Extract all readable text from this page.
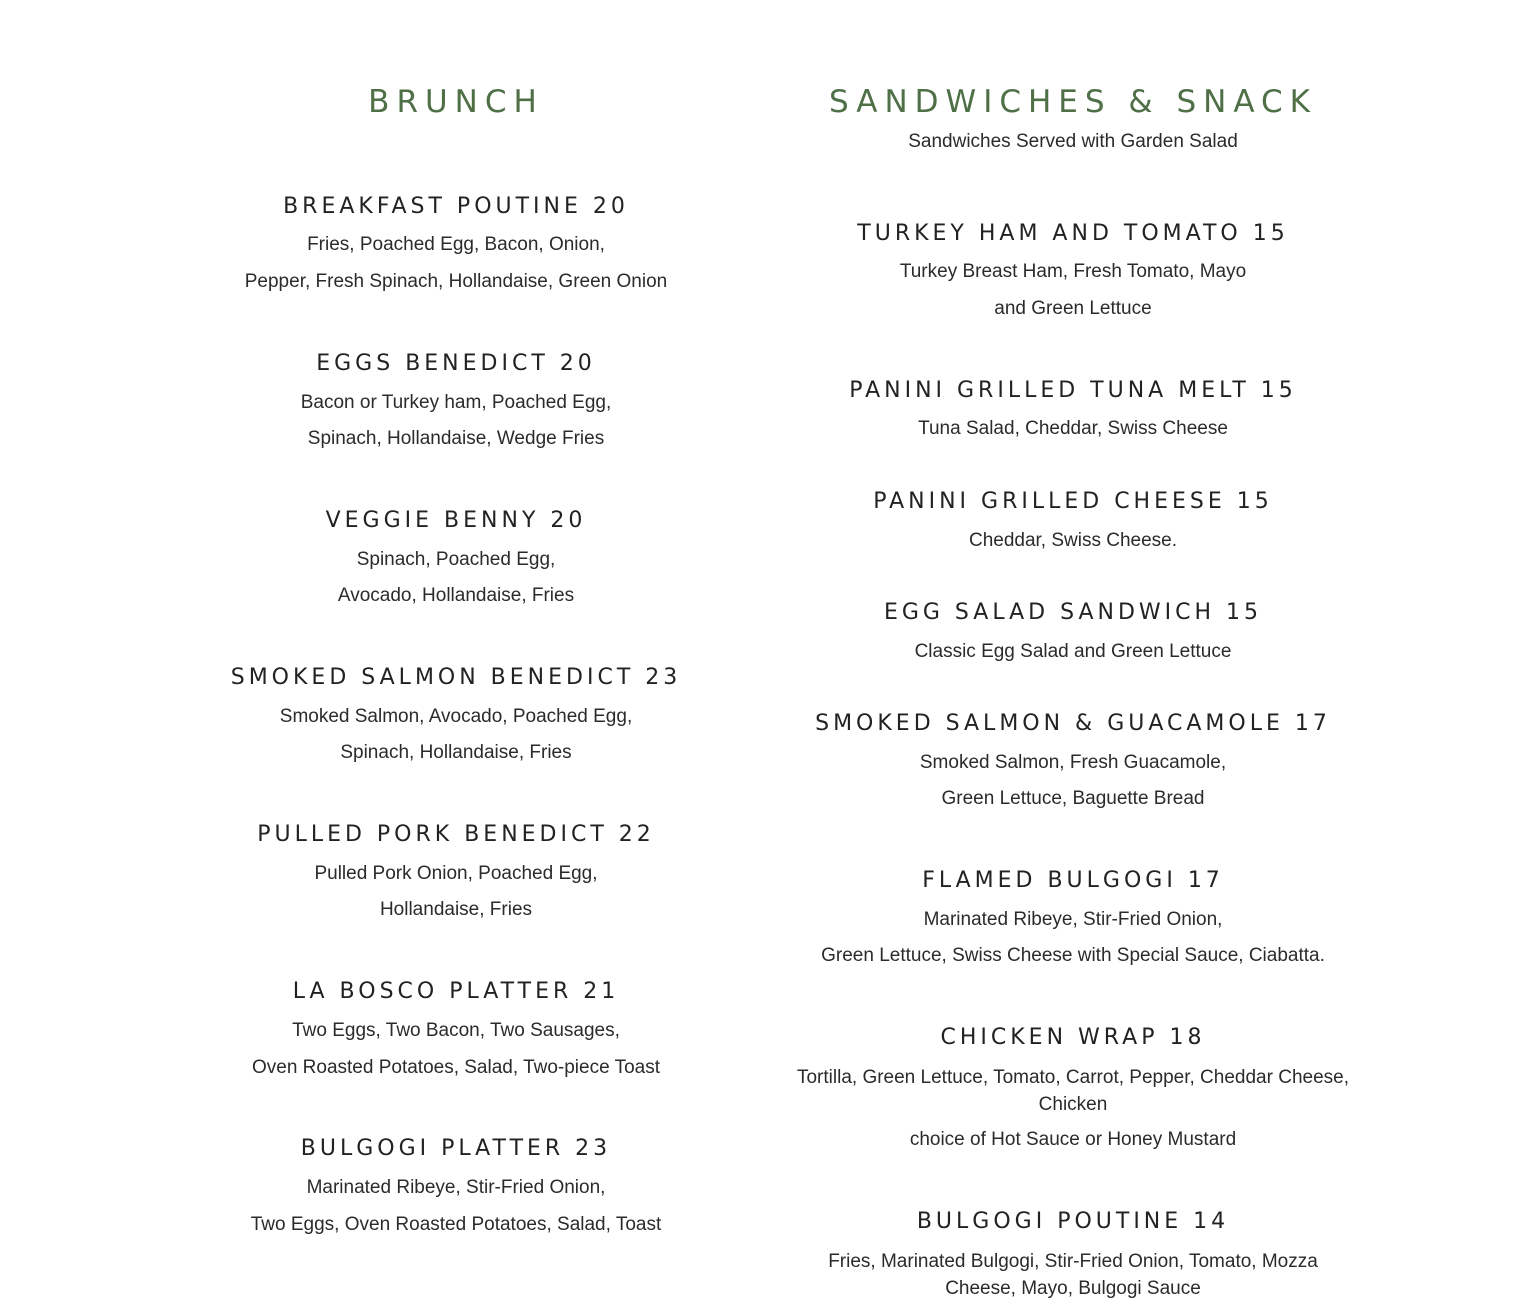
BRUNCH
BREAKFAST POUTINE 20
Fries, Poached Egg, Bacon, Onion,
Pepper, Fresh Spinach, Hollandaise, Green Onion
EGGS BENEDICT 20
Bacon or Turkey ham, Poached Egg,
Spinach, Hollandaise, Wedge Fries
VEGGIE BENNY 20
Spinach, Poached Egg,
Avocado, Hollandaise, Fries
SMOKED SALMON BENEDICT 23
Smoked Salmon, Avocado, Poached Egg,
Spinach, Hollandaise, Fries
PULLED PORK BENEDICT 22
Pulled Pork Onion, Poached Egg,
Hollandaise, Fries
LA BOSCO PLATTER 21
Two Eggs, Two Bacon, Two Sausages,
Oven Roasted Potatoes, Salad, Two-piece Toast
BULGOGI PLATTER 23
Marinated Ribeye, Stir-Fried Onion,
Two Eggs, Oven Roasted Potatoes, Salad, Toast
SANDWICHES & SNACK
Sandwiches Served with Garden Salad
TURKEY HAM AND TOMATO 15
Turkey Breast Ham, Fresh Tomato, Mayo
and Green Lettuce
PANINI GRILLED TUNA MELT 15
Tuna Salad, Cheddar, Swiss Cheese
PANINI GRILLED CHEESE 15
Cheddar, Swiss Cheese.
EGG SALAD SANDWICH 15
Classic Egg Salad and Green Lettuce
SMOKED SALMON & GUACAMOLE 17
Smoked Salmon, Fresh Guacamole,
Green Lettuce, Baguette Bread
FLAMED BULGOGI 17
Marinated Ribeye, Stir-Fried Onion,
Green Lettuce, Swiss Cheese with Special Sauce, Ciabatta.
CHICKEN WRAP 18
Tortilla, Green Lettuce, Tomato, Carrot, Pepper, Cheddar Cheese, Chicken
choice of Hot Sauce or Honey Mustard
BULGOGI POUTINE 14
Fries, Marinated Bulgogi, Stir-Fried Onion, Tomato, Mozza Cheese, Mayo, Bulgogi Sauce
